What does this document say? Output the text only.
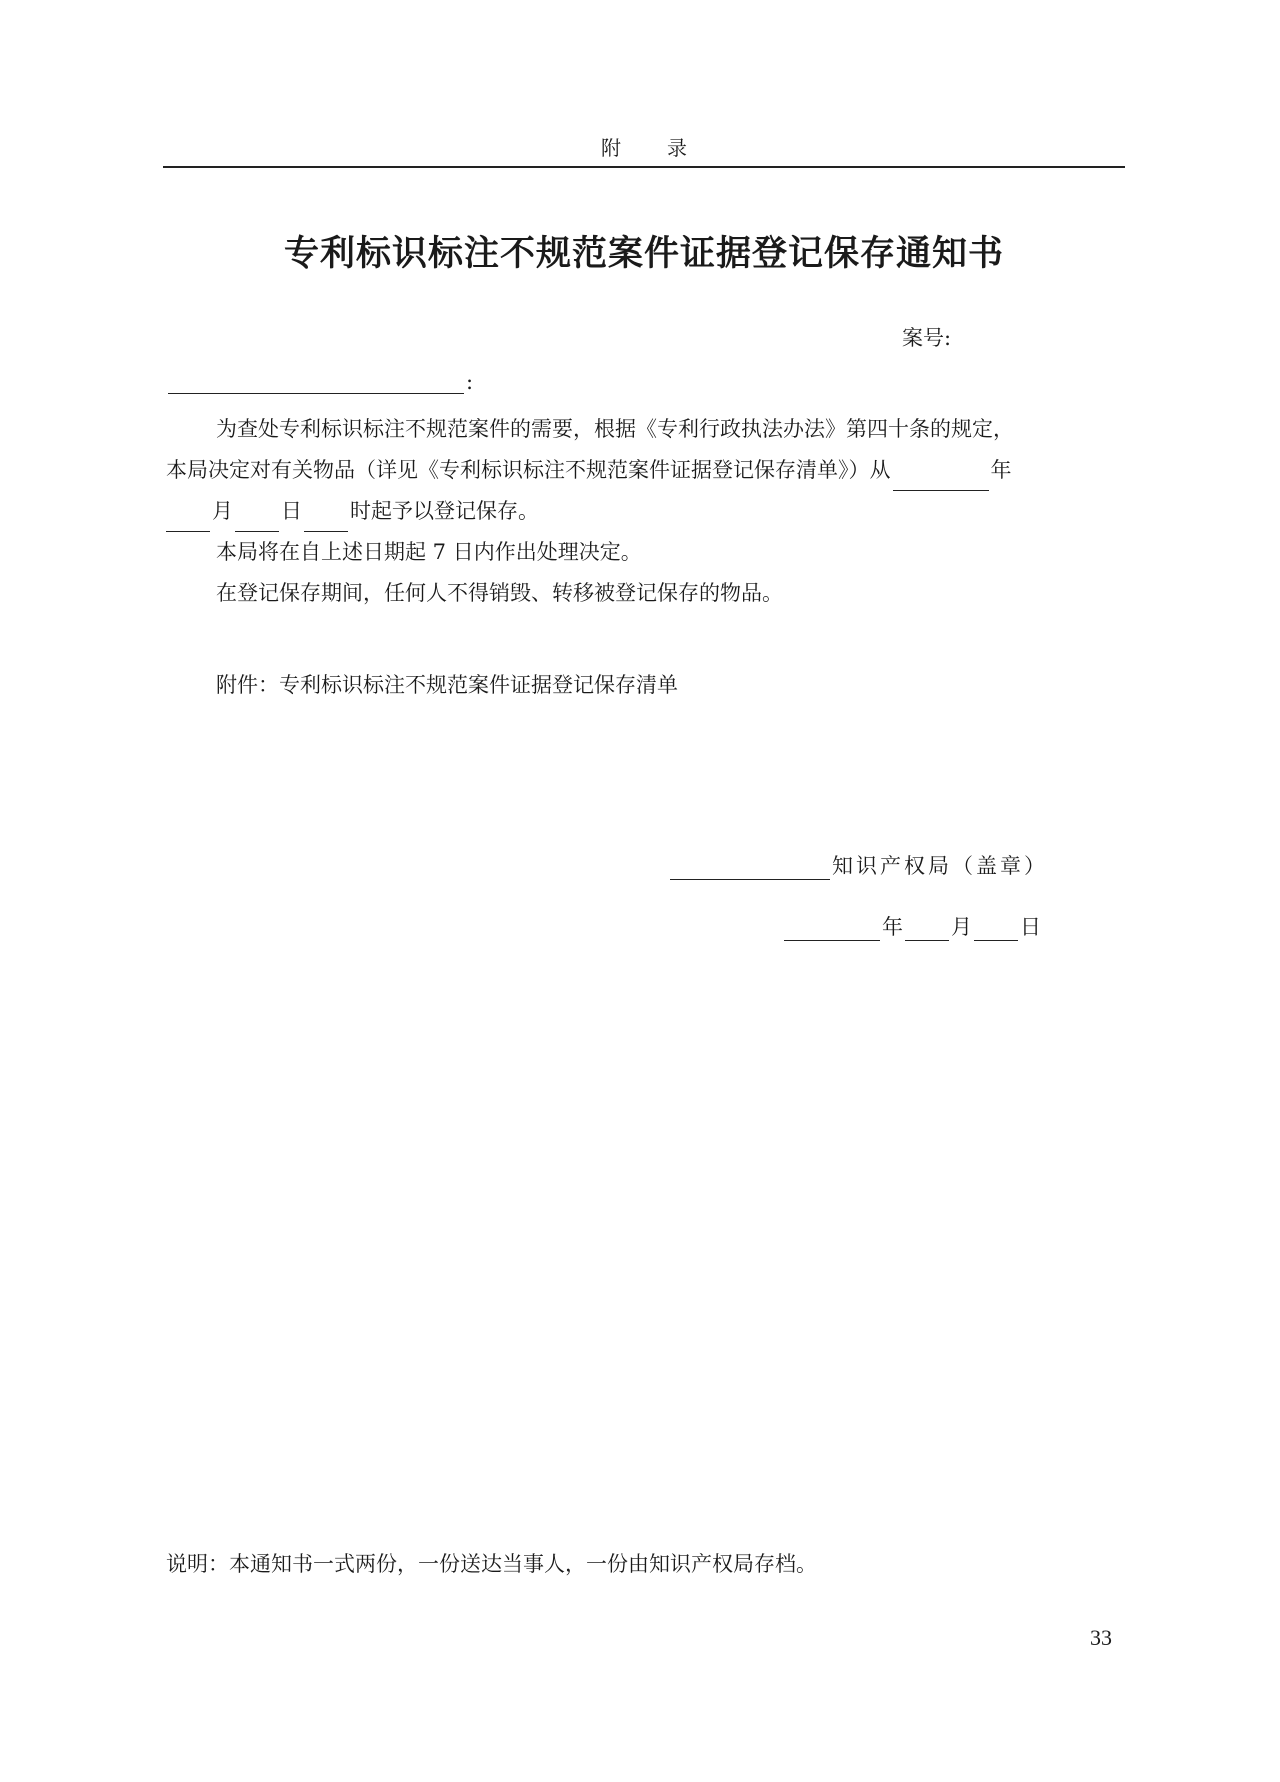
附 录
专利标识标注不规范案件证据登记保存通知书
案号:
:

为查处专利标识标注不规范案件的需要，根据《专利行政执法办法》第四十条的规定，

本局决定对有关物品（详见《专利标识标注不规范案件证据登记保存清单》）从	年

月 日 时起予以登记保存。

本局将在自上述日期起 7 日内作出处理决定。

在登记保存期间，任何人不得销毁、转移被登记保存的物品。

附件：专利标识标注不规范案件证据登记保存清单
知识产权局（盖章）
年 月 日
说明：本通知书一式两份，一份送达当事人，一份由知识产权局存档。
33
